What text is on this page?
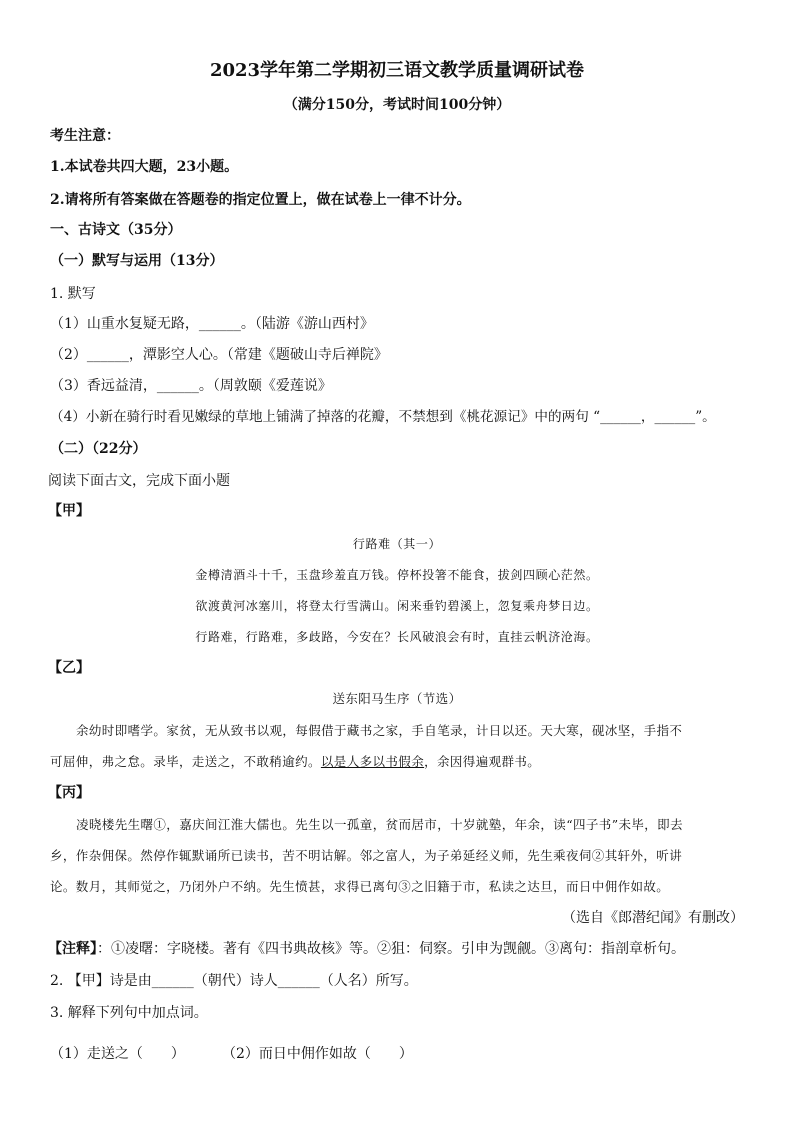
2023学年第二学期初三语文教学质量调研试卷
（满分150分，考试时间100分钟）
考生注意：
1.本试卷共四大题，23小题。
2.请将所有答案做在答题卷的指定位置上，做在试卷上一律不计分。
一、古诗文（35分）
（一）默写与运用（13分）
1. 默写
（1）山重水复疑无路，______。（陆游《游山西村》
（2）______，潭影空人心。（常建《题破山寺后禅院》
（3）香远益清，______。（周敦颐《爱莲说》
（4）小新在骑行时看见嫩绿的草地上铺满了掉落的花瓣，不禁想到《桃花源记》中的两句 “______，______”。
（二）（22分）
阅读下面古文，完成下面小题
【甲】
行路难（其一）
金樽清酒斗十千，玉盘珍羞直万钱。停杯投箸不能食，拔剑四顾心茫然。
欲渡黄河冰塞川，将登太行雪满山。闲来垂钓碧溪上，忽复乘舟梦日边。
行路难，行路难，多歧路，今安在？长风破浪会有时，直挂云帆济沧海。
【乙】
送东阳马生序（节选）
余幼时即嗜学。家贫，无从致书以观，每假借于藏书之家，手自笔录，计日以还。天大寒，砚冰坚，手指不
可屈伸，弗之怠。录毕，走送之，不敢稍逾约。以是人多以书假余，余因得遍观群书。
【丙】
凌晓楼先生曙①，嘉庆间江淮大儒也。先生以一孤童，贫而居市，十岁就塾，年余，读“四子书”未毕，即去
乡，作杂佣保。然停作辄默诵所已读书，苦不明诂解。邻之富人，为子弟延经义师，先生乘夜伺②其轩外，听讲
论。数月，其师觉之，乃闭外户不纳。先生愤甚，求得已离句③之旧籍于市，私读之达旦，而日中佣作如故。
（选自《郎潜纪闻》有删改）
【注释】：①凌曙：字晓楼。著有《四书典故核》等。②狙：伺察。引申为觊觎。③离句：指剖章析句。
2. 【甲】诗是由______（朝代）诗人______（人名）所写。
3. 解释下列句中加点词。
（1）走送之（　　）	（2）而日中佣作如故（　　）
